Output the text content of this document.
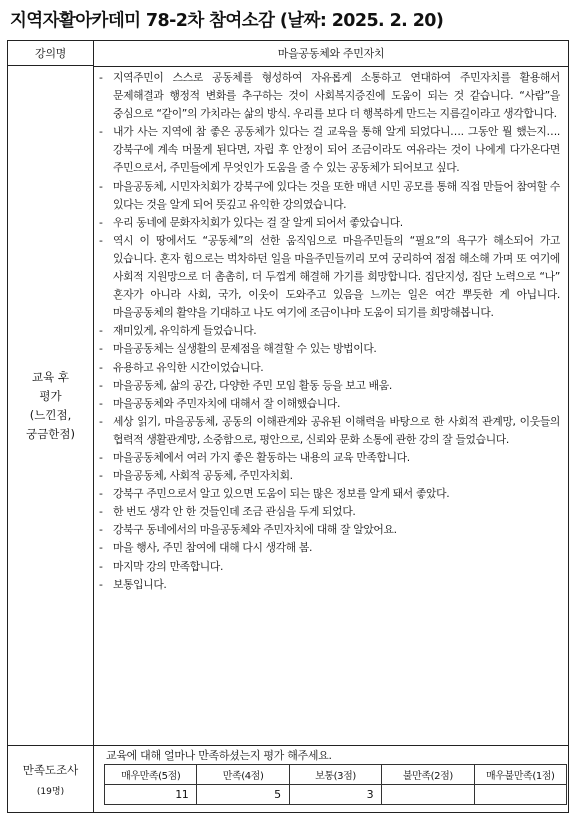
지역자활아카데미 78-2차 참여소감 (날짜: 2025. 2. 20)
강의명	마을공동체와 주민자치
교육 후
평가
(느낀점,
궁금한점)
- 지역주민이 스스로 공동체를 형성하여 자유롭게 소통하고 연대하여 주민자치를 활용해서 문제해결과 행정적 변화를 추구하는 것이 사회복지증진에 도움이 되는 것 같습니다. “사람”을 중심으로 “같이”의 가치라는 삶의 방식. 우리를 보다 더 행복하게 만드는 지름길이라고 생각합니다.
- 내가 사는 지역에 참 좋은 공동체가 있다는 걸 교육을 통해 알게 되었다니…. 그동안 뭘 했는지…. 강북구에 계속 머물게 된다면, 자립 후 안정이 되어 조금이라도 여유라는 것이 나에게 다가온다면 주민으로서, 주민들에게 무엇인가 도움을 줄 수 있는 공동체가 되어보고 싶다.
- 마을공동체, 시민자치회가 강북구에 있다는 것을 또한 매년 시민 공모를 통해 직접 만들어 참여할 수 있다는 것을 알게 되어 뜻깊고 유익한 강의였습니다.
- 우리 동네에 문화자치회가 있다는 걸 잘 알게 되어서 좋았습니다.
- 역시 이 땅에서도 “공동체”의 선한 움직임으로 마을주민들의 “필요”의 욕구가 해소되어 가고 있습니다. 혼자 힘으로는 벅차하던 일을 마을주민들끼리 모여 궁리하여 점점 해소해 가며 또 여기에 사회적 지원망으로 더 촘촘히, 더 두껍게 해결해 가기를 희망합니다. 집단지성, 집단 노력으로 “나” 혼자가 아니라 사회, 국가, 이웃이 도와주고 있음을 느끼는 일은 여간 뿌듯한 게 아닙니다. 마을공동체의 활약을 기대하고 나도 여기에 조금이나마 도움이 되기를 희망해봅니다.
- 재미있게, 유익하게 들었습니다.
- 마을공동체는 실생활의 문제점을 해결할 수 있는 방법이다.
- 유용하고 유익한 시간이었습니다.
- 마을공동체, 삶의 공간, 다양한 주민 모임 활동 등을 보고 배움.
- 마을공동체와 주민자치에 대해서 잘 이해했습니다.
- 세상 읽기, 마을공동체, 공동의 이해관계와 공유된 이해력을 바탕으로 한 사회적 관계망, 이웃들의 협력적 생활관계망, 소중함으로, 평안으로, 신뢰와 문화 소통에 관한 강의 잘 들었습니다.
- 마을공동체에서 여러 가지 좋은 활동하는 내용의 교육 만족합니다.
- 마을공동체, 사회적 공동체, 주민자치회.
- 강북구 주민으로서 알고 있으면 도움이 되는 많은 정보를 알게 돼서 좋았다.
- 한 번도 생각 안 한 것들인데 조금 관심을 두게 되었다.
- 강북구 동네에서의 마을공동체와 주민자치에 대해 잘 알았어요.
- 마을 행사, 주민 참여에 대해 다시 생각해 봄.
- 마지막 강의 만족합니다.
- 보통입니다.
만족도조사
(19명)
교육에 대해 얼마나 만족하셨는지 평가 해주세요.
매우만족(5점)	만족(4점)	보통(3점)	불만족(2점)	매우불만족(1점)
11	5	3		
